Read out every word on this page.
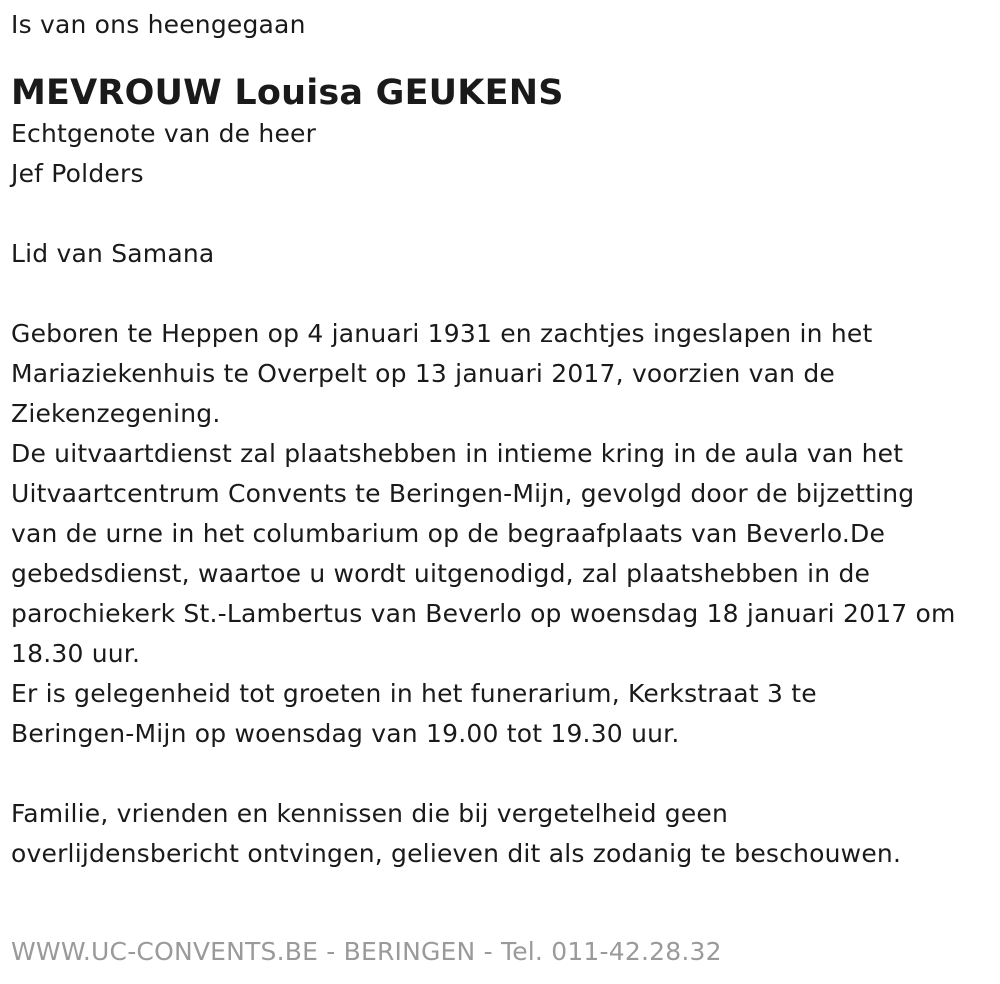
Is van ons heengegaan
MEVROUW Louisa GEUKENS
Echtgenote van de heer
Jef Polders
Lid van Samana
Geboren te Heppen op 4 januari 1931 en zachtjes ingeslapen in het
Mariaziekenhuis te Overpelt op 13 januari 2017, voorzien van de
Ziekenzegening.
De uitvaartdienst zal plaatshebben in intieme kring in de aula van het
Uitvaartcentrum Convents te Beringen-Mijn, gevolgd door de bijzetting
van de urne in het columbarium op de begraafplaats van Beverlo.De
gebedsdienst, waartoe u wordt uitgenodigd, zal plaatshebben in de
parochiekerk St.-Lambertus van Beverlo op woensdag 18 januari 2017 om
18.30 uur.
Er is gelegenheid tot groeten in het funerarium, Kerkstraat 3 te
Beringen-Mijn op woensdag van 19.00 tot 19.30 uur.
Familie, vrienden en kennissen die bij vergetelheid geen
overlijdensbericht ontvingen, gelieven dit als zodanig te beschouwen.
WWW.UC-CONVENTS.BE - BERINGEN - Tel. 011-42.28.32
